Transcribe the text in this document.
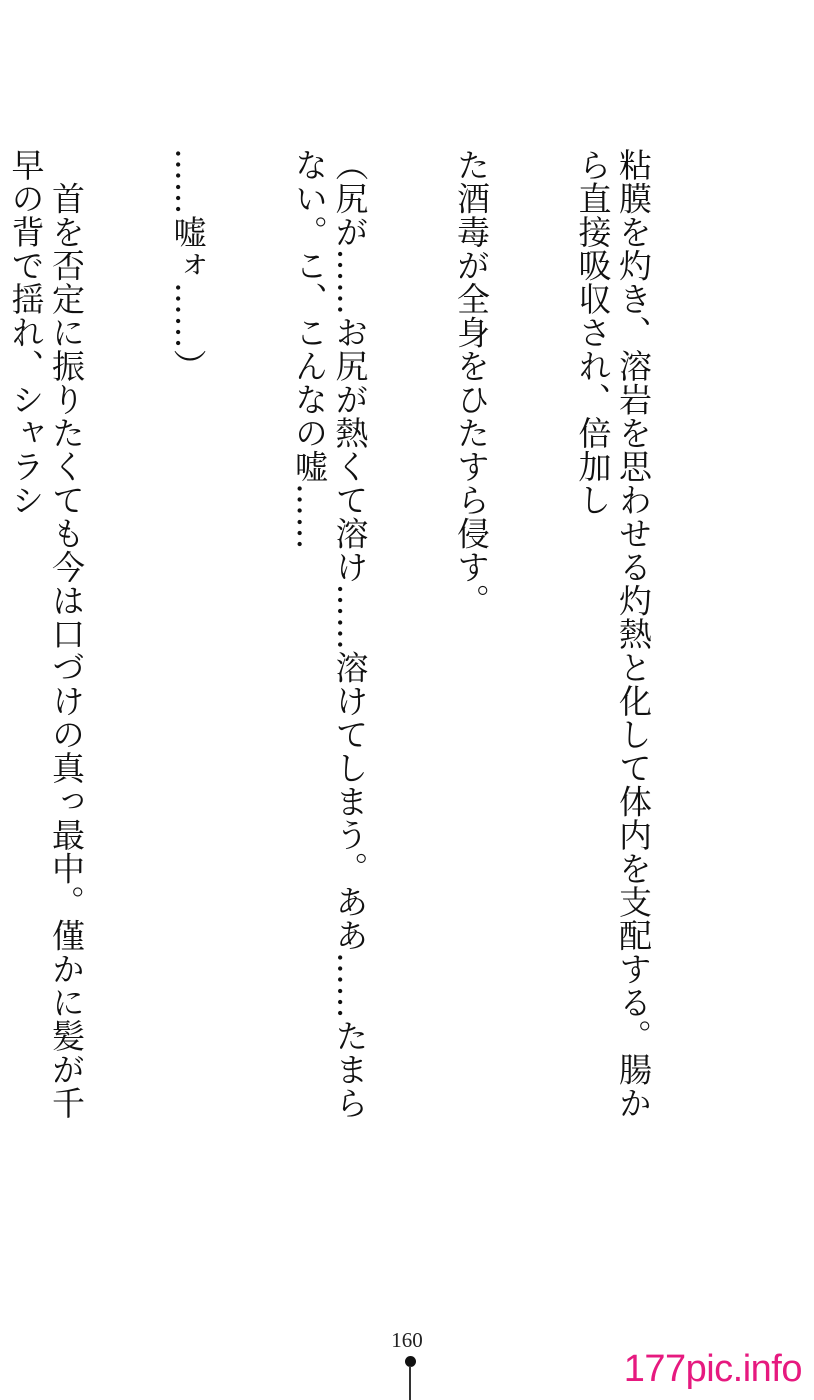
粘膜を灼き、溶岩を思わせる灼熱と化して体内を支配する。腸から直接吸収され、倍加し

た酒毒が全身をひたすら侵す。

（尻が……お尻が熱くて溶け……溶けてしまう。ああ……たまらない。こ、こんなの嘘……

……嘘ォ……）

　首を否定に振りたくても今は口づけの真っ最中。僅かに髪が千早の背で揺れ、シャラシ

160
177pic.info
